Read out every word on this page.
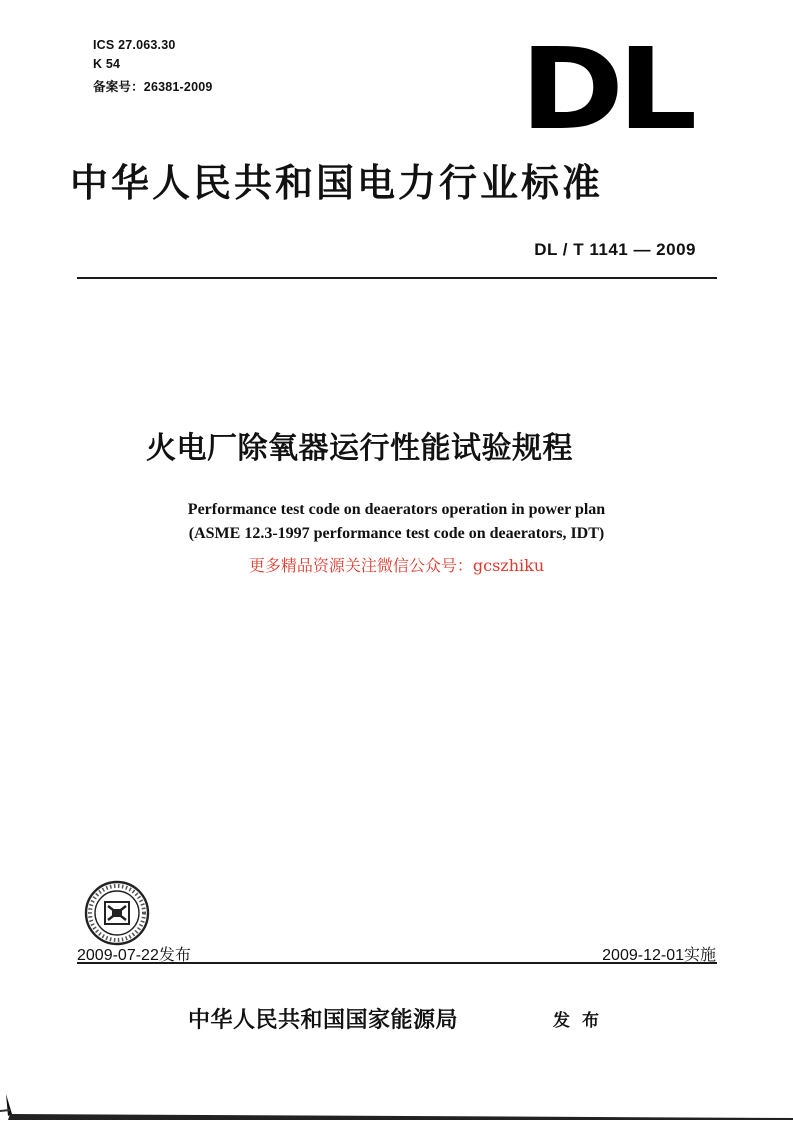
ICS 27.063.30
K 54
备案号：26381-2009	DL
中华人民共和国电力行业标准
DL / T 1141 — 2009
火电厂除氧器运行性能试验规程
Performance test code on deaerators operation in power plan
(ASME 12.3-1997 performance test code on deaerators, IDT)
更多精品资源关注微信公众号：gcszhiku
2009-07-22发布	2009-12-01实施
中华人民共和国国家能源局	发布
